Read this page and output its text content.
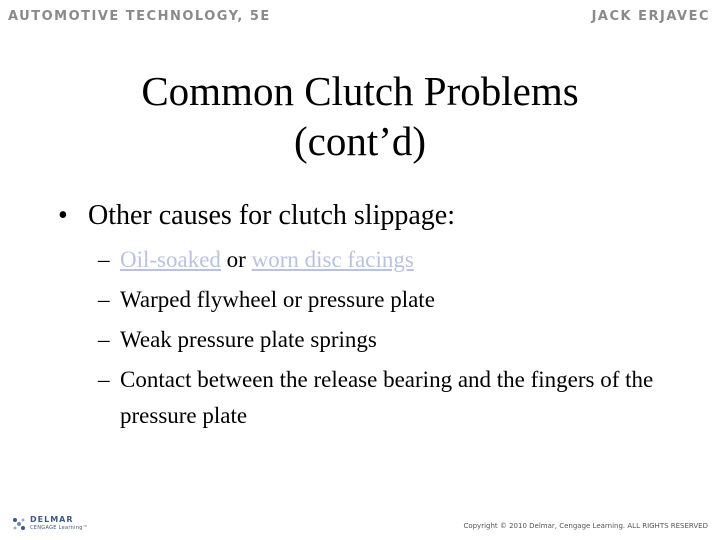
AUTOMOTIVE TECHNOLOGY, 5E	JACK ERJAVEC
Common Clutch Problems
(cont’d)
• Other causes for clutch slippage:
– Oil-soaked or worn disc facings
– Warped flywheel or pressure plate
– Weak pressure plate springs
– Contact between the release bearing and the fingers of the pressure plate
DELMAR
CENGAGE Learning™	Copyright © 2010 Delmar, Cengage Learning. ALL RIGHTS RESERVED
